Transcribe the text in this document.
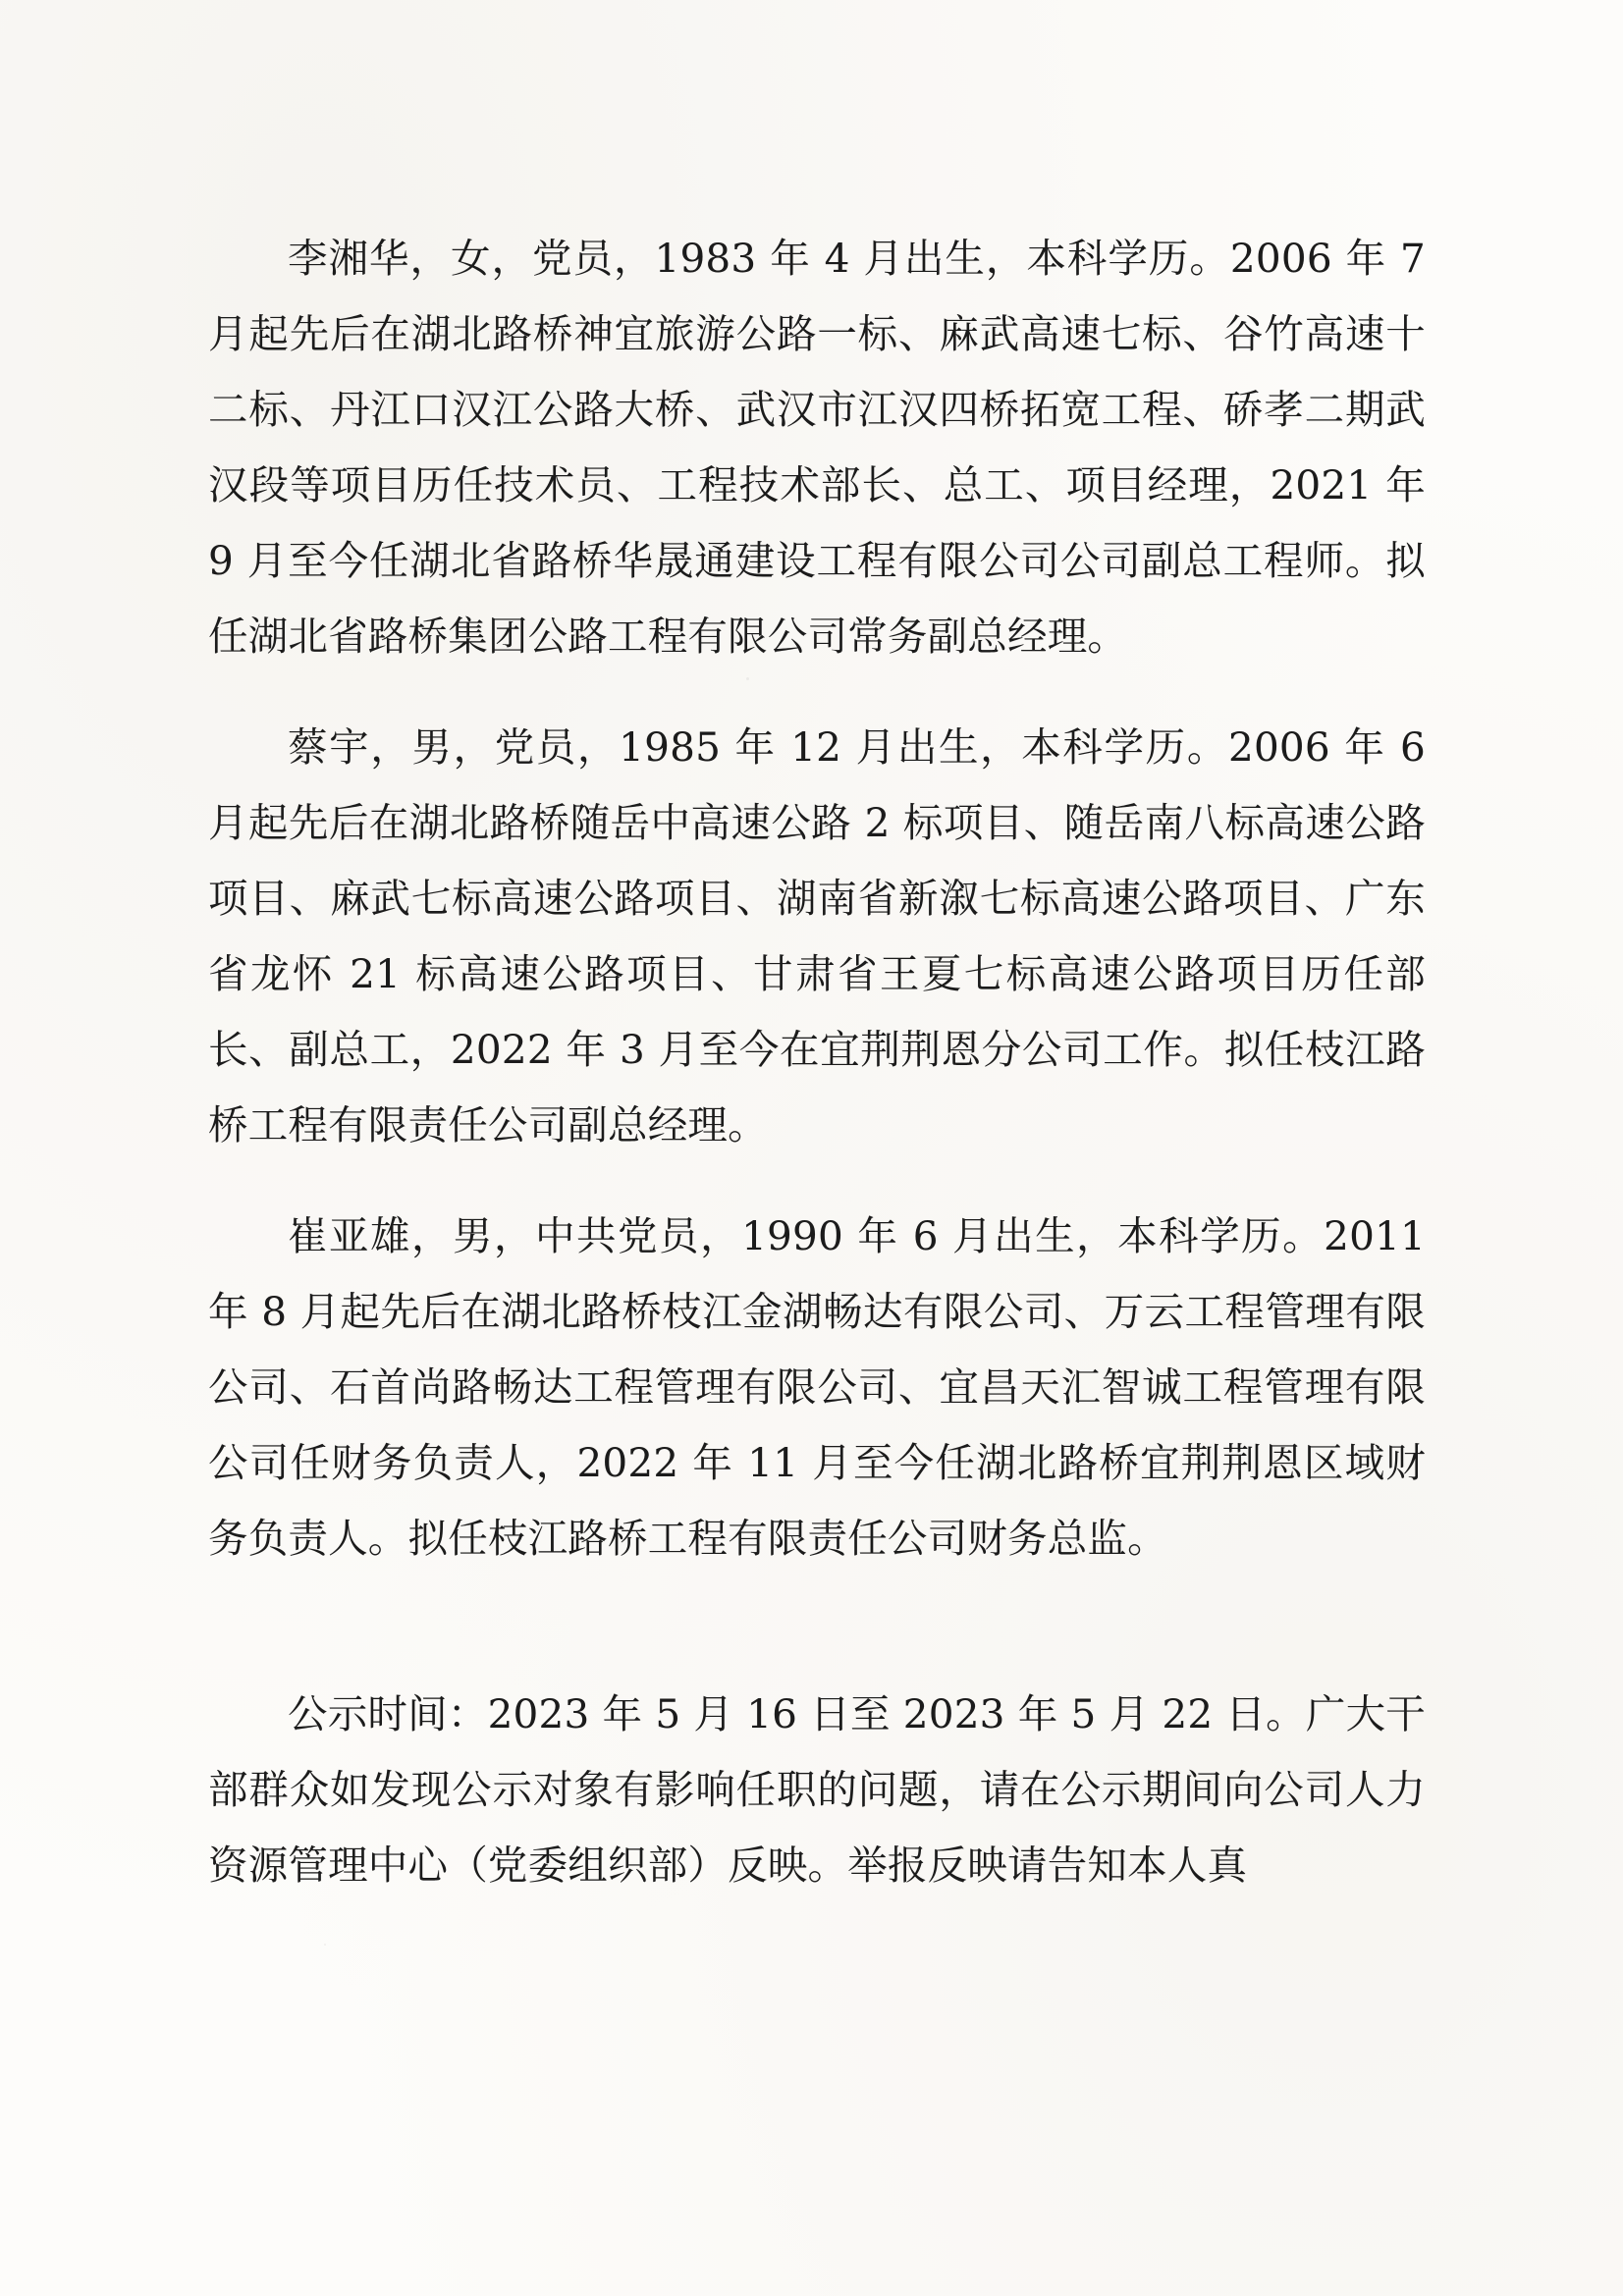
李湘华，女，党员，1983 年 4 月出生，本科学历。2006 年 7 月起先后在湖北路桥神宜旅游公路一标、麻武高速七标、谷竹高速十二标、丹江口汉江公路大桥、武汉市江汉四桥拓宽工程、硚孝二期武汉段等项目历任技术员、工程技术部长、总工、项目经理，2021 年 9 月至今任湖北省路桥华晟通建设工程有限公司公司副总工程师。拟任湖北省路桥集团公路工程有限公司常务副总经理。

蔡宇，男，党员，1985 年 12 月出生，本科学历。2006 年 6 月起先后在湖北路桥随岳中高速公路 2 标项目、随岳南八标高速公路项目、麻武七标高速公路项目、湖南省新溆七标高速公路项目、广东省龙怀 21 标高速公路项目、甘肃省王夏七标高速公路项目历任部长、副总工，2022 年 3 月至今在宜荆荆恩分公司工作。拟任枝江路桥工程有限责任公司副总经理。

崔亚雄，男，中共党员，1990 年 6 月出生，本科学历。2011 年 8 月起先后在湖北路桥枝江金湖畅达有限公司、万云工程管理有限公司、石首尚路畅达工程管理有限公司、宜昌天汇智诚工程管理有限公司任财务负责人，2022 年 11 月至今任湖北路桥宜荆荆恩区域财务负责人。拟任枝江路桥工程有限责任公司财务总监。

公示时间：2023 年 5 月 16 日至 2023 年 5 月 22 日。广大干部群众如发现公示对象有影响任职的问题，请在公示期间向公司人力资源管理中心（党委组织部）反映。举报反映请告知本人真
